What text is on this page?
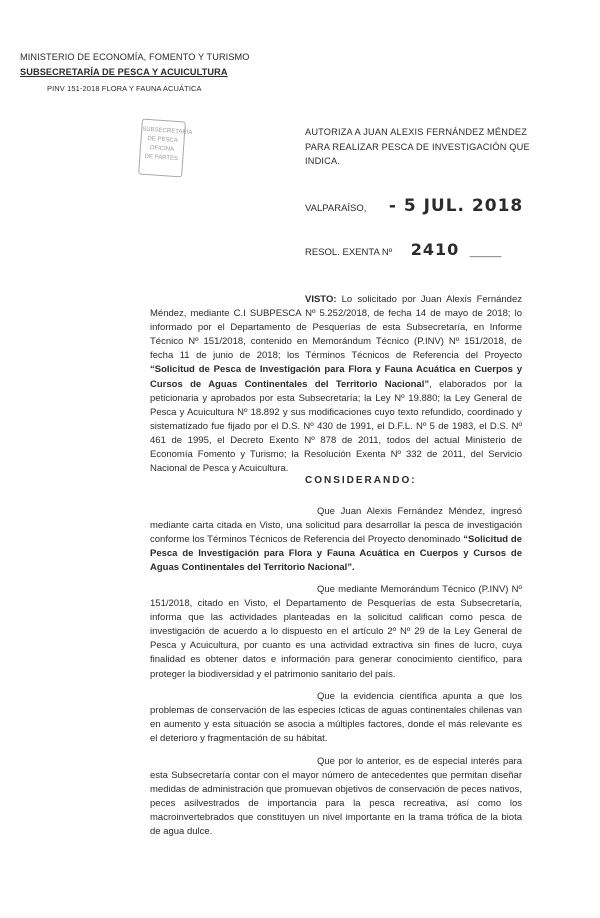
MINISTERIO DE ECONOMÍA, FOMENTO Y TURISMO
SUBSECRETARÍA DE PESCA Y ACUICULTURA
PINV 151-2018 FLORA Y FAUNA ACUÁTICA
SUBSECRETARÍA
DE PESCA
OFICINA
DE PARTES
AUTORIZA A JUAN ALEXIS FERNÁNDEZ MÉNDEZ PARA REALIZAR PESCA DE INVESTIGACIÓN QUE INDICA.
VALPARAÍSO, - 5 JUL. 2018
RESOL. EXENTA Nº 2410 ______
VISTO: Lo solicitado por Juan Alexis Fernández Méndez, mediante C.I SUBPESCA Nº 5.252/2018, de fecha 14 de mayo de 2018; lo informado por el Departamento de Pesquerías de esta Subsecretaría, en Informe Técnico Nº 151/2018, contenido en Memorándum Técnico (P.INV) Nº 151/2018, de fecha 11 de junio de 2018; los Términos Técnicos de Referencia del Proyecto “Solicitud de Pesca de Investigación para Flora y Fauna Acuática en Cuerpos y Cursos de Aguas Continentales del Territorio Nacional”, elaborados por la peticionaria y aprobados por esta Subsecretaría; la Ley Nº 19.880; la Ley General de Pesca y Acuicultura Nº 18.892 y sus modificaciones cuyo texto refundido, coordinado y sistematizado fue fijado por el D.S. Nº 430 de 1991, el D.F.L. Nº 5 de 1983, el D.S. Nº 461 de 1995, el Decreto Exento Nº 878 de 2011, todos del actual Ministerio de Economía Fomento y Turismo; la Resolución Exenta Nº 332 de 2011, del Servicio Nacional de Pesca y Acuicultura.
CONSIDERANDO:
Que Juan Alexis Fernández Méndez, ingresó mediante carta citada en Visto, una solicitud para desarrollar la pesca de investigación conforme los Términos Técnicos de Referencia del Proyecto denominado “Solicitud de Pesca de Investigación para Flora y Fauna Acuática en Cuerpos y Cursos de Aguas Continentales del Territorio Nacional”.
Que mediante Memorándum Técnico (P.INV) Nº 151/2018, citado en Visto, el Departamento de Pesquerías de esta Subsecretaría, informa que las actividades planteadas en la solicitud califican como pesca de investigación de acuerdo a lo dispuesto en el artículo 2º Nº 29 de la Ley General de Pesca y Acuicultura, por cuanto es una actividad extractiva sin fines de lucro, cuya finalidad es obtener datos e información para generar conocimiento científico, para proteger la biodiversidad y el patrimonio sanitario del país.
Que la evidencia científica apunta a que los problemas de conservación de las especies ícticas de aguas continentales chilenas van en aumento y esta situación se asocia a múltiples factores, donde el más relevante es el deterioro y fragmentación de su hábitat.
Que por lo anterior, es de especial interés para esta Subsecretaría contar con el mayor número de antecedentes que permitan diseñar medidas de administración que promuevan objetivos de conservación de peces nativos, peces asilvestrados de importancia para la pesca recreativa, así como los macroinvertebrados que constituyen un nivel importante en la trama trófica de la biota de agua dulce.
